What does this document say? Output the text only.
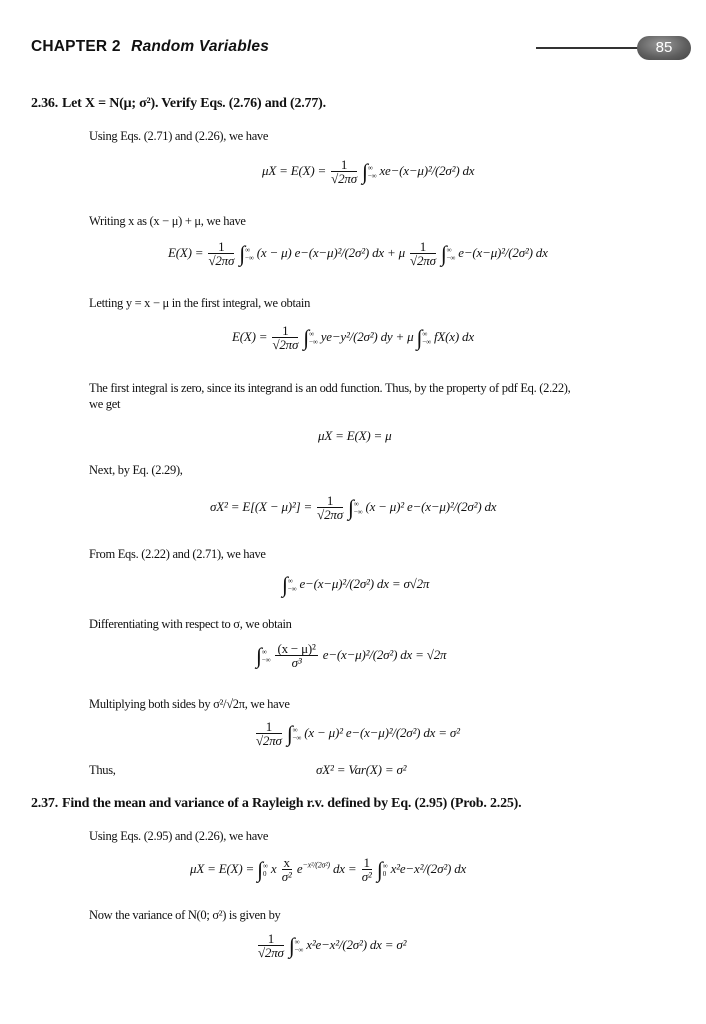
CHAPTER 2 Random Variables	85
2.36. Let X = N(μ; σ²). Verify Eqs. (2.76) and (2.77).
Using Eqs. (2.71) and (2.26), we have
$\mu X = E(X) = \frac{1}{√2\pi\sigma}$ ∫ ∞
−∞ xe−(x−μ)²/(2σ²) dx
Writing x as (x − μ) + μ, we have
$E(X) = \frac{1}{√2\pi\sigma}$ ∫ ∞
−∞ (x − μ) e−(x−μ)²/(2σ²) dx + μ $\frac{1}{√2\pi\sigma}$ ∫ ∞
−∞ e−(x−μ)²/(2σ²) dx
Letting y = x − μ in the first integral, we obtain
$E(X) = \frac{1}{√2\pi\sigma}$ ∫ ∞
−∞ ye−y²/(2σ²) dy + μ ∫ ∞
−∞ fX(x) dx
The first integral is zero, since its integrand is an odd function. Thus, by the property of pdf Eq. (2.22),
we get
μX = E(X) = μ
Next, by Eq. (2.29),
$\sigma X^2 = E[(X - \mu)^2] = \frac{1}{√2\pi\sigma}$ ∫ ∞
−∞ (x − μ)² e−(x−μ)²/(2σ²) dx
From Eqs. (2.22) and (2.71), we have
∫ ∞
−∞ e−(x−μ)²/(2σ²) dx = σ√2π
Differentiating with respect to σ, we obtain
∫ ∞
−∞
$\frac{\text{(x − μ)²}}{\text{σ³}} e-(x-\mu)^2/(2\sigma^2)$ dx = √2π
Multiplying both sides by σ²/√2π, we have
$\frac{1}{√2\pi\sigma}$ ∫ ∞
−∞ (x − μ)² e−(x−μ)²/(2σ²) dx = σ²
Thus,	σX² = Var(X) = σ²
2.37. Find the mean and variance of a Rayleigh r.v. defined by Eq. (2.95) (Prob. 2.25).
Using Eqs. (2.95) and (2.26), we have
μX = E(X) = ∫ ∞
0 x $\frac{x}{\text{σ²}} e^{-x^2/(2\sigma^2)}$ dx = $\frac{1}{\text{σ²}}$ ∫ ∞
0 x²e−x²/(2σ²) dx
Now the variance of N(0; σ²) is given by
$\frac{1}{√2\pi\sigma}$ ∫ ∞
−∞ x²e−x²/(2σ²) dx = σ²
